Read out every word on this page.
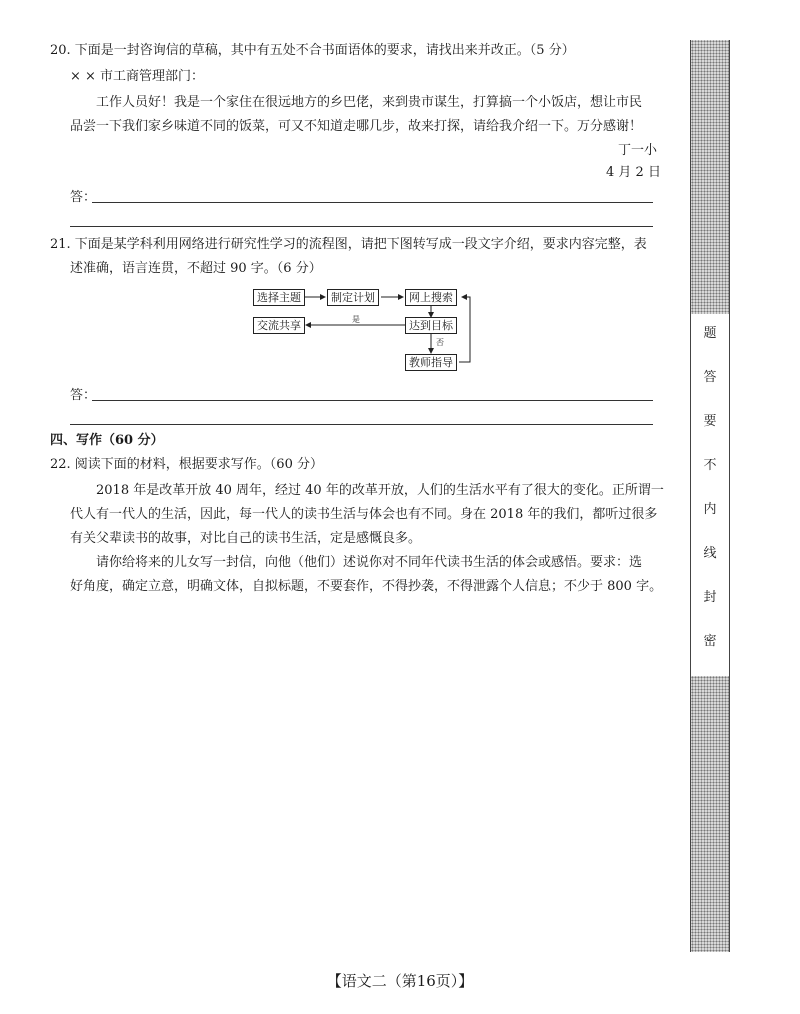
20. 下面是一封咨询信的草稿，其中有五处不合书面语体的要求，请找出来并改正。（5 分）
× × 市工商管理部门：
工作人员好！我是一个家住在很远地方的乡巴佬，来到贵市谋生，打算搞一个小饭店，想让市民
品尝一下我们家乡味道不同的饭菜，可又不知道走哪几步，故来打探，请给我介绍一下。万分感谢！
丁一小
4 月 2 日
答：
21. 下面是某学科利用网络进行研究性学习的流程图，请把下图转写成一段文字介绍，要求内容完整，表
述准确，语言连贯，不超过 90 字。（6 分）
选择主题	制定计划	网上搜索
达到目标
交流共享
教师指导
是
否
答：
四、写作（60 分）
22. 阅读下面的材料，根据要求写作。（60 分）
2018 年是改革开放 40 周年，经过 40 年的改革开放，人们的生活水平有了很大的变化。正所谓一
代人有一代人的生活，因此，每一代人的读书生活与体会也有不同。身在 2018 年的我们，都听过很多
有关父辈读书的故事，对比自己的读书生活，定是感慨良多。
请你给将来的儿女写一封信，向他（他们）述说你对不同年代读书生活的体会或感悟。要求：选
好角度，确定立意，明确文体，自拟标题，不要套作，不得抄袭，不得泄露个人信息；不少于 800 字。
题
答
要
不
内
线
封
密
【语文二（第16页）】
